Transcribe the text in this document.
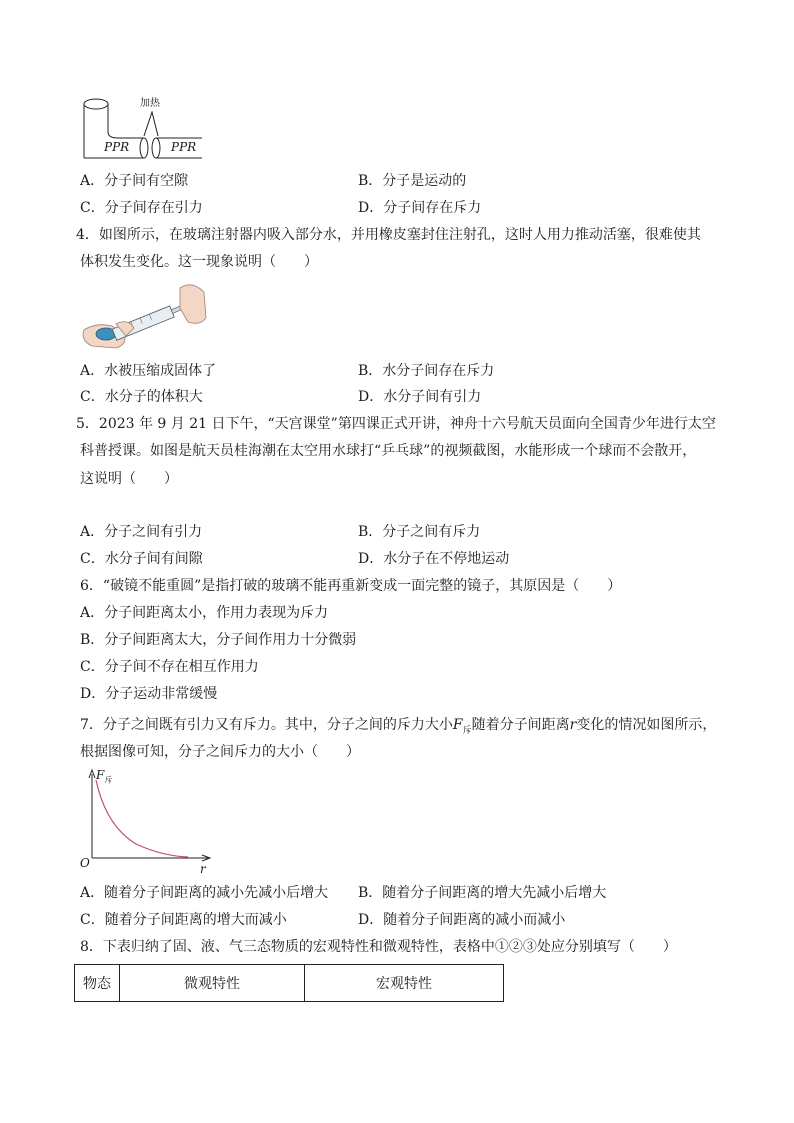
加热
PPR	PPR
A．分子间有空隙	B．分子是运动的
C．分子间存在引力	D．分子间存在斥力
4．如图所示，在玻璃注射器内吸入部分水，并用橡皮塞封住注射孔，这时人用力推动活塞，很难使其
体积发生变化。这一现象说明（　　）
A．水被压缩成固体了	B．水分子间存在斥力
C．水分子的体积大	D．水分子间有引力
5．2023 年 9 月 21 日下午，“天宫课堂”第四课正式开讲，神舟十六号航天员面向全国青少年进行太空
科普授课。如图是航天员桂海潮在太空用水球打“乒乓球”的视频截图，水能形成一个球而不会散开，
这说明（　　）
A．分子之间有引力	B．分子之间有斥力
C．水分子间有间隙	D．水分子在不停地运动
6．“破镜不能重圆”是指打破的玻璃不能再重新变成一面完整的镜子，其原因是（　　）
A．分子间距离太小，作用力表现为斥力
B．分子间距离太大，分子间作用力十分微弱
C．分子间不存在相互作用力
D．分子运动非常缓慢
7．分子之间既有引力又有斥力。其中，分子之间的斥力大小$F_斥$随着分子间距离r变化的情况如图所示，
根据图像可知，分子之间斥力的大小（　　）
$F_斥$
O	r
A．随着分子间距离的减小先减小后增大 B．随着分子间距离的增大先减小后增大
C．随着分子间距离的增大而减小	D．随着分子间距离的减小而减小
8．下表归纳了固、液、气三态物质的宏观特性和微观特性，表格中①②③处应分别填写（　　）
物态	微观特性	宏观特性
